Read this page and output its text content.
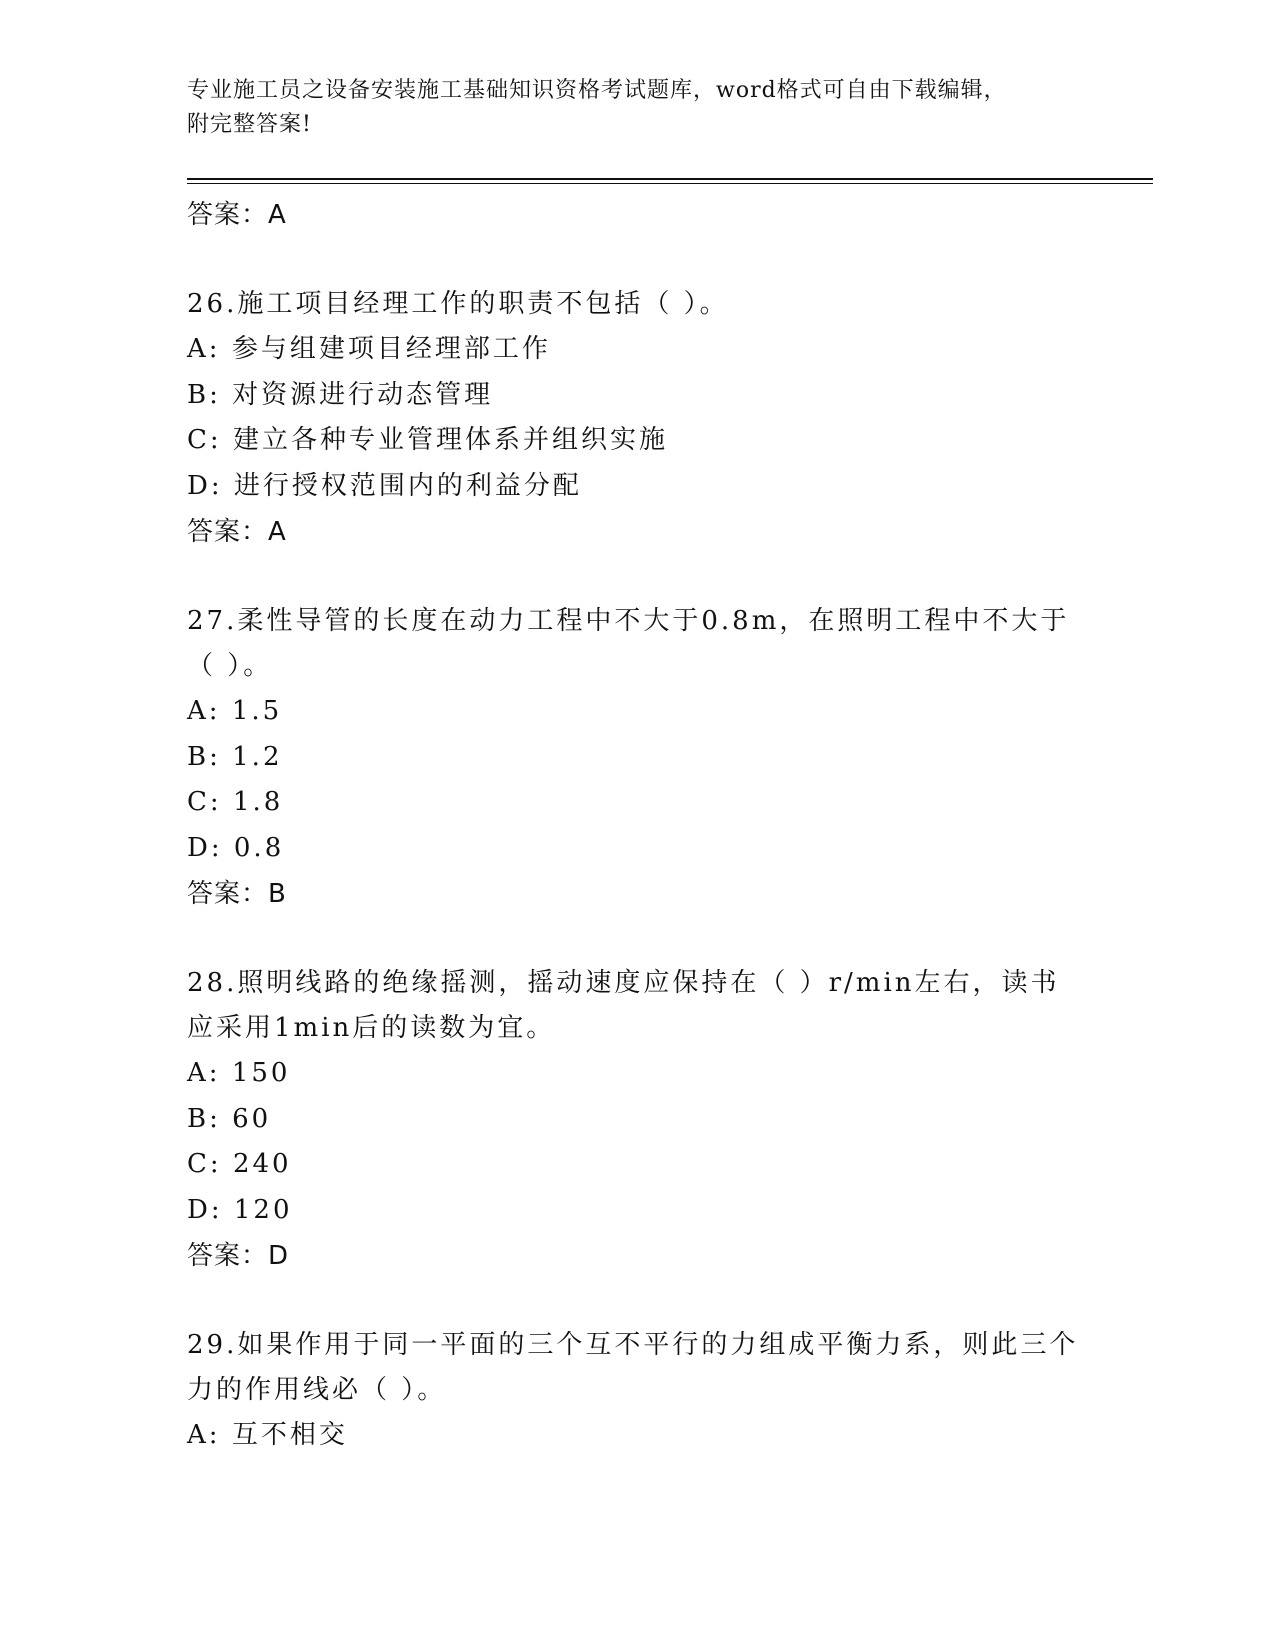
专业施工员之设备安装施工基础知识资格考试题库，word格式可自由下载编辑，
附完整答案!
答案：A
26.施工项目经理工作的职责不包括（ ）。
A: 参与组建项目经理部工作
B: 对资源进行动态管理
C: 建立各种专业管理体系并组织实施
D: 进行授权范围内的利益分配
答案：A
27.柔性导管的长度在动力工程中不大于0.8m，在照明工程中不大于（ ）。
A: 1.5
B: 1.2
C: 1.8
D: 0.8
答案：B
28.照明线路的绝缘摇测，摇动速度应保持在（ ）r/min左右，读书应采用1min后的读数为宜。
A: 150
B: 60
C: 240
D: 120
答案：D
29.如果作用于同一平面的三个互不平行的力组成平衡力系，则此三个力的作用线必（ ）。
A: 互不相交
